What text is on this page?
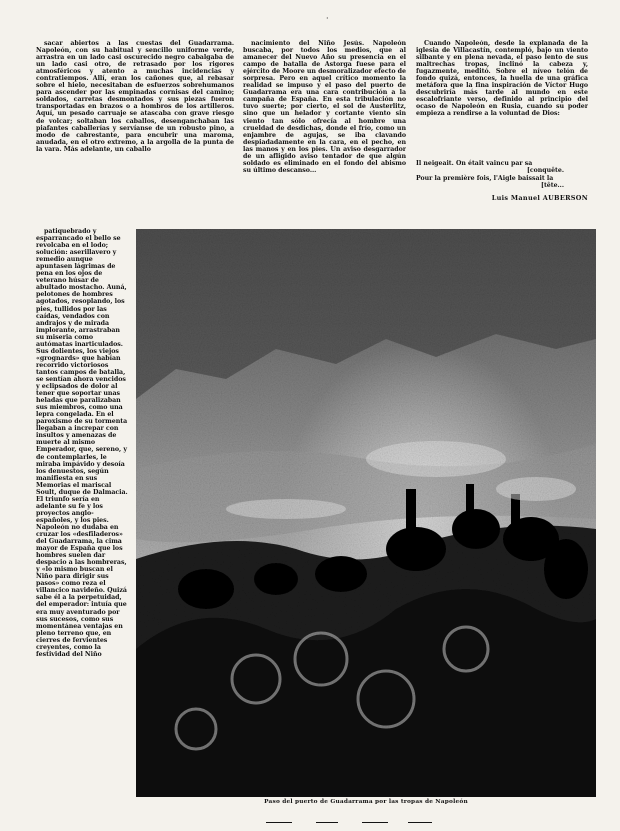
·

sacar abiertos a las cuestas del Guadarrama. Napoleón, con su habitual y sencillo uniforme verde, arrastra en un lado casi oscurecido negro cabalgaba de un lado casi otro, de retrasado por los rigores atmosféricos y atento a muchas incidencias y contratiempos. Allí, eran los cañones que, al rebasar sobre el hielo, necesitaban de esfuerzos sobrehumanos para ascender por las empinadas cornisas del camino; soldados, carretas desmontados y sus piezas fueron transportadas en brazos o a hombros de los artilleros. Aquí, un pesado carruaje se atascaba con grave riesgo de volcar; soltaban los caballos, desenganchaban las piafantes caballerías y servíanse de un robusto pino, a modo de cabrestante, para encubrir una maroma, anudada, en el otro extremo, a la argolla de la punta de la vara. Más adelante, un caballo

nacimiento del Niño Jesús. Napoleón buscaba, por todos los medios, que al amanecer del Nuevo Año su presencia en el campo de batalla de Astorga fuese para el ejército de Moore un desmoralizador efecto de sorpresa. Pero en aquel crítico momento la realidad se impuso y el paso del puerto de Guadarrama era una cara contribución a la campaña de España. En esta tribulación no tuvo suerte; por cierto, el sol de Austerlitz, sino que un helador y cortante viento sin viento tan sólo ofrecía al hombre una crueldad de desdichas, donde el frío, como un enjambre de agujas, se iba clavando despiadadamente en la cara, en el pecho, en las manos y en los pies. Un aviso desgarrador de un afligido aviso tentador de que algún soldado es eliminado en el fondo del abismo su último descanso...

Cuando Napoleón, desde la explanada de la iglesia de Villacastín, contempló, bajo un viento silbante y en plena nevada, el paso lento de sus maltrechas tropas, inclinó la cabeza y, fugazmente, meditó. Sobre el níveo telón de fondo quizá, entonces, la huella de una gráfica metáfora que la fina inspiración de Víctor Hugo descubriría más tarde al mundo en este escalofriante verso, definido al principio del ocaso de Napoleón en Rusia, cuando su poder empieza a rendirse a la voluntad de Dios:

Il neigeait. On était vaincu par sa
[conquête.
Pour la première fois, l'Aigle baissait la
[tête...
Luis Manuel AUBERSON

patiquebrado y esparrancado el bello se revolcaba en el lodo; solución: aserillavero y remedio aunque apuntasen lágrimas de pena en los ojos de veterano húsar de abultado mostacho. Auná, pelotones de hombres agotados, resoplando, los pies, tullidos por las caídas, vendados con andrajos y de mirada implorante, arrastraban su miseria como autómatas inarticulados. Sus dolientes, los viejos «grognards» que habían recorrido victoriosos tantos campos de batalla, se sentían ahora vencidos y eclipsados de dolor al tener que soportar unas heladas que paralizaban sus miembros, como una lepra congelada. En el paroxismo de su tormenta llegaban a increpar con insultos y amenazas de muerte al mismo Emperador, que, sereno, y de contemplarles, le miraba impávido y desoía los denuestos, según manifiesta en sus Memorias el mariscal Soult, duque de Dalmacia. El triunfo sería en adelante su fe y los proyectos anglo-españoles, y los pies. Napoleón no dudaba en cruzar los «desfiladeros» del Guadarrama, la cima mayor de España que los hombres suelen dar despacio a las hombreras, y «lo mismo buscan el Niño para dirigir sus pasos» como reza el villancico navideño. Quizá sabe él a la perpetuidad, del emperador: intuía que era muy aventurado por sus sucesos, como sus momentánea ventajas en pleno terreno que, en cierres de fervientes creyentes, como la festividad del Niño

Paso del puerto de Guadarrama por las tropas de Napoleón
